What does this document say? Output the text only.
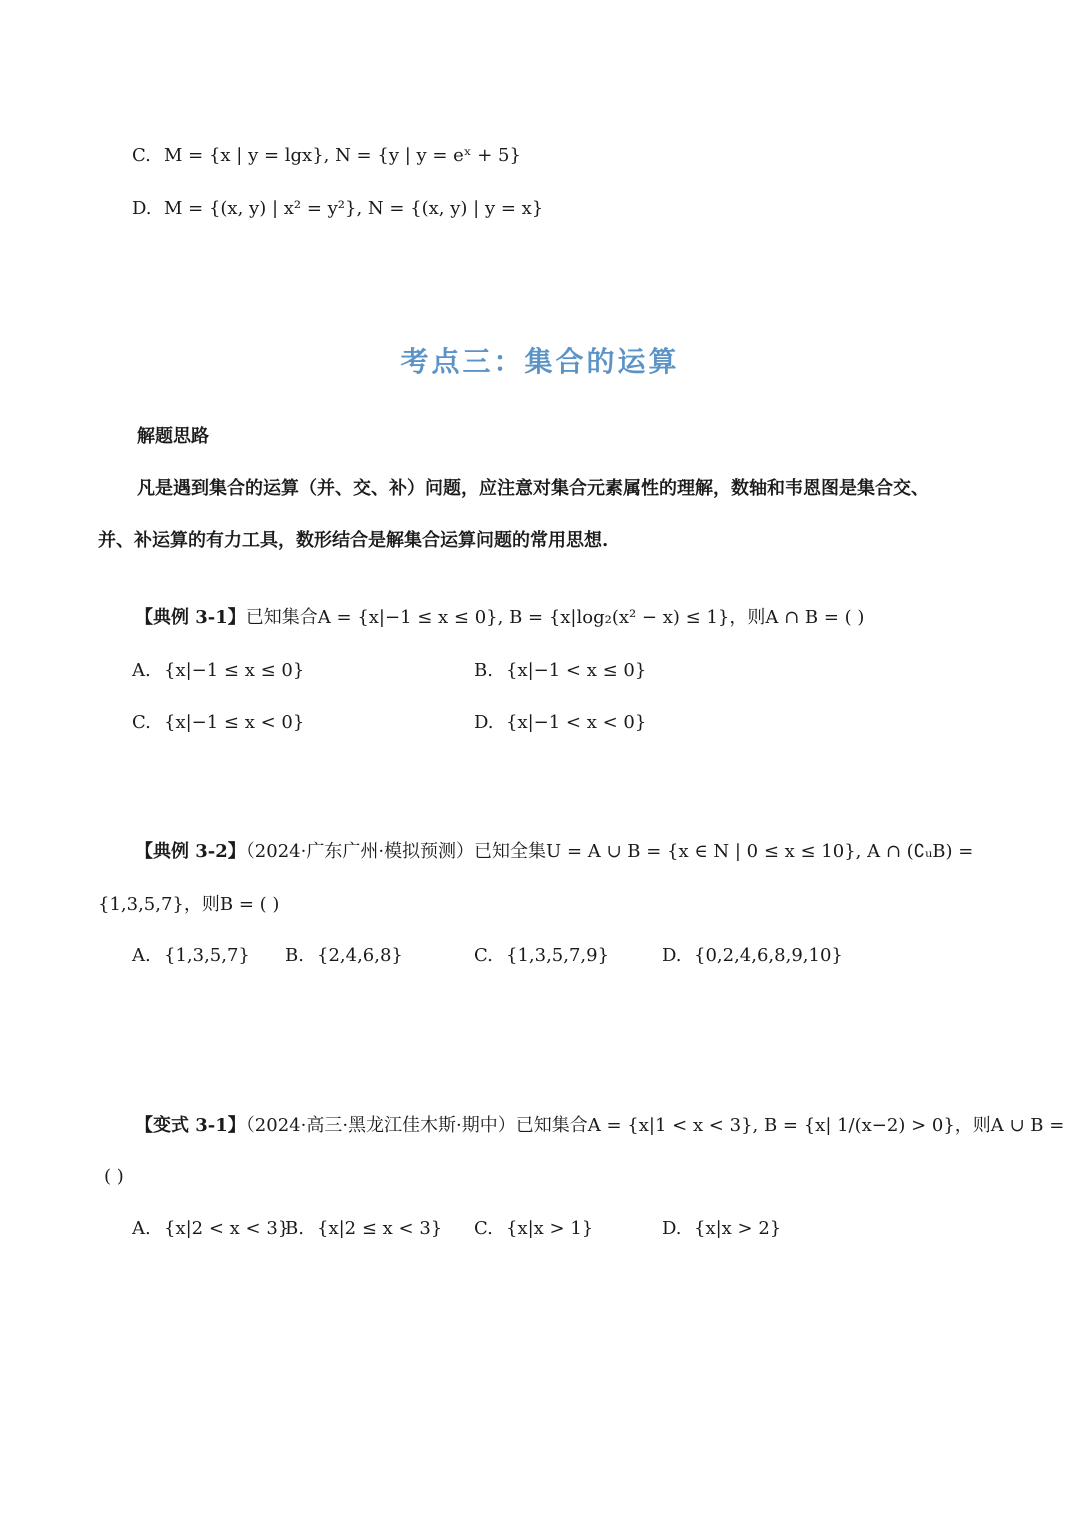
C. M = {x | y = lgx}, N = {y | y = eˣ + 5}
D. M = {(x, y) | x² = y²}, N = {(x, y) | y = x}
考点三：集合的运算
解题思路
凡是遇到集合的运算（并、交、补）问题，应注意对集合元素属性的理解，数轴和韦恩图是集合交、
并、补运算的有力工具，数形结合是解集合运算问题的常用思想.
【典例 3-1】已知集合A = {x|−1 ≤ x ≤ 0}, B = {x|log₂(x² − x) ≤ 1}，则A ∩ B = ( )
A. {x|−1 ≤ x ≤ 0}	B. {x|−1 < x ≤ 0}
C. {x|−1 ≤ x < 0}	D. {x|−1 < x < 0}
【典例 3-2】（2024·广东广州·模拟预测）已知全集U = A ∪ B = {x ∈ N | 0 ≤ x ≤ 10}, A ∩ (∁ᵤB) =
{1,3,5,7}，则B = ( )
A. {1,3,5,7} B. {2,4,6,8}	C. {1,3,5,7,9}	D. {0,2,4,6,8,9,10}
【变式 3-1】（2024·高三·黑龙江佳木斯·期中）已知集合A = {x|1 < x < 3}, B = {x| 1/(x−2) > 0}，则A ∪ B =
( )
A. {x|2 < x < 3}
B. {x|2 ≤ x < 3} C. {x|x > 1}	D. {x|x > 2}
